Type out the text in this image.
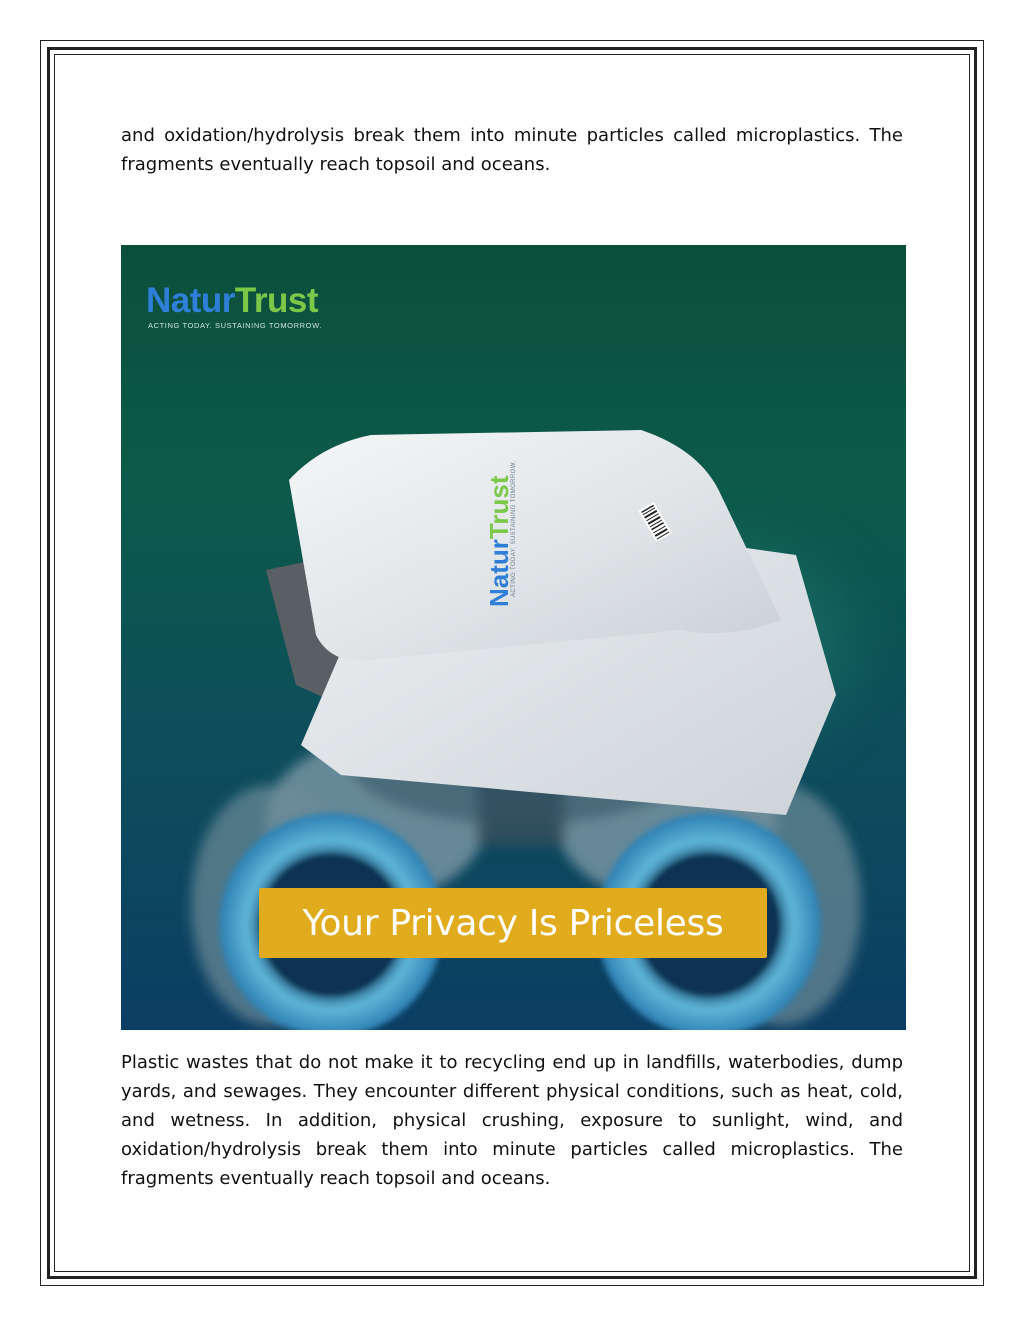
and oxidation/hydrolysis break them into minute particles called microplastics. The fragments eventually reach topsoil and oceans.

NaturTrust
ACTING TODAY. SUSTAINING TOMORROW.
NaturTrust
ACTING TODAY. SUSTAINING TOMORROW.
Your Privacy Is Priceless

Plastic wastes that do not make it to recycling end up in landfills, waterbodies, dump yards, and sewages. They encounter different physical conditions, such as heat, cold, and wetness. In addition, physical crushing, exposure to sunlight, wind, and oxidation/hydrolysis break them into minute particles called microplastics. The fragments eventually reach topsoil and oceans.
